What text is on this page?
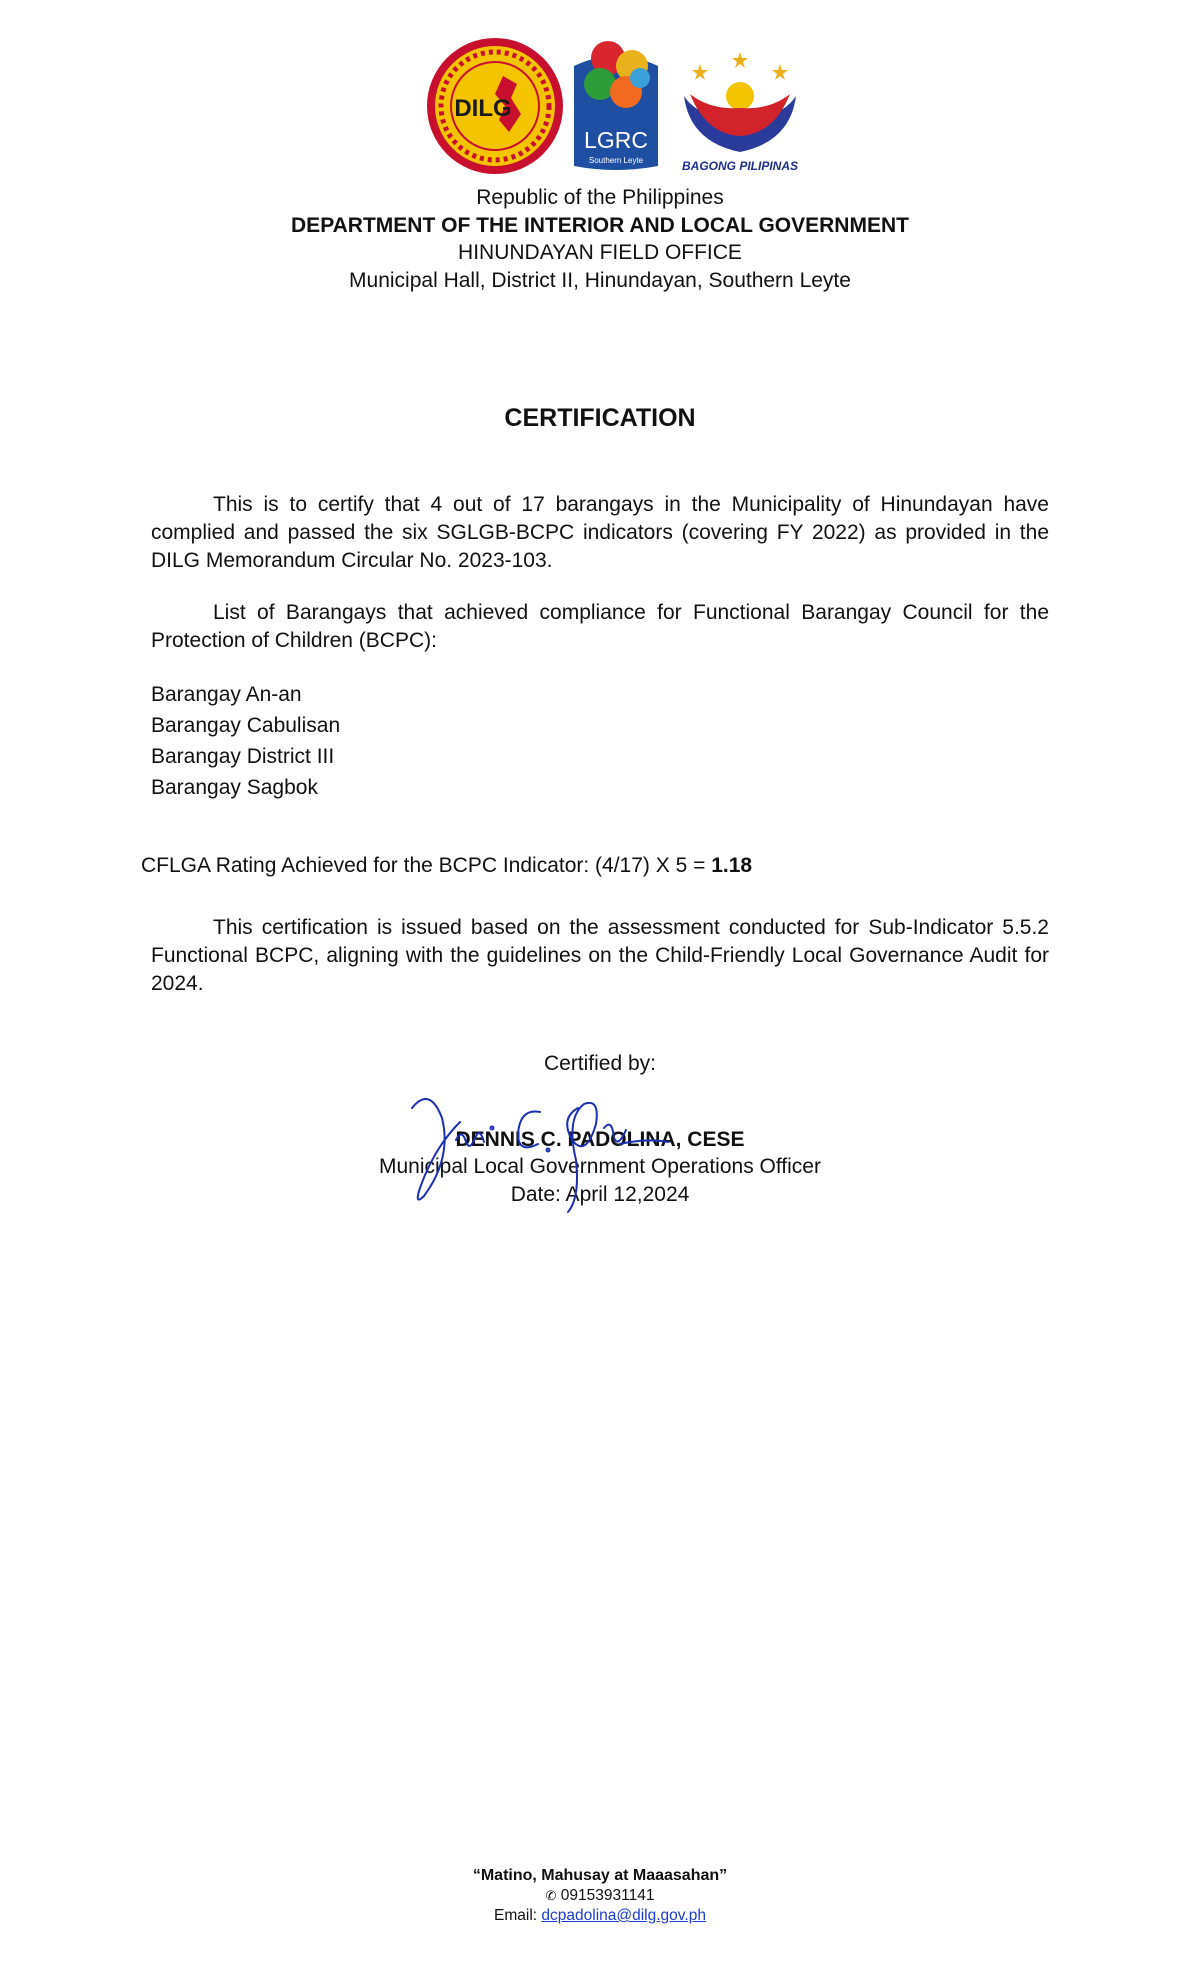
DILG
LGRC
Southern Leyte	BAGONG PILIPINAS
Republic of the Philippines
DEPARTMENT OF THE INTERIOR AND LOCAL GOVERNMENT
HINUNDAYAN FIELD OFFICE
Municipal Hall, District II, Hinundayan, Southern Leyte
CERTIFICATION
This is to certify that 4 out of 17 barangays in the Municipality of Hinundayan have complied and passed the six SGLGB-BCPC indicators (covering FY 2022) as provided in the DILG Memorandum Circular No. 2023-103.
List of Barangays that achieved compliance for Functional Barangay Council for the Protection of Children (BCPC):
Barangay An-an
Barangay Cabulisan
Barangay District III
Barangay Sagbok
CFLGA Rating Achieved for the BCPC Indicator: (4/17) X 5 = 1.18
This certification is issued based on the assessment conducted for Sub-Indicator 5.5.2 Functional BCPC, aligning with the guidelines on the Child-Friendly Local Governance Audit for 2024.
Certified by:
DENNIS C. PADOLINA, CESE
Municipal Local Government Operations Officer
Date: April 12,2024
“Matino, Mahusay at Maaasahan”
✆ 09153931141
Email: dcpadolina@dilg.gov.ph
